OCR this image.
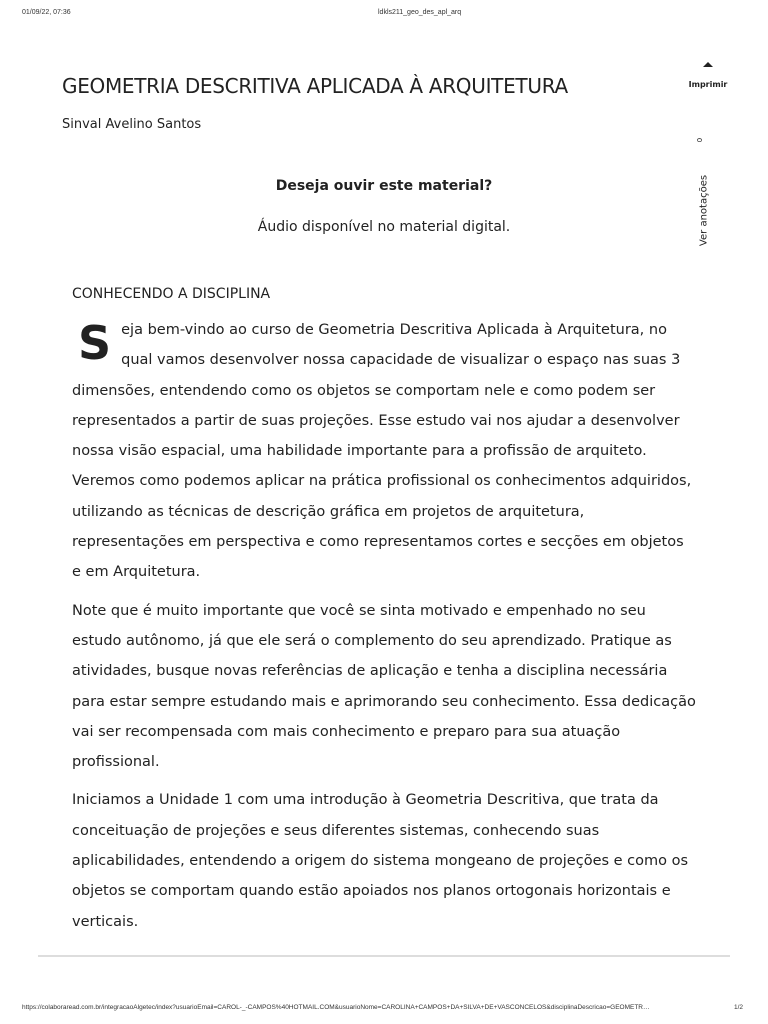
01/09/22, 07:36	ldkls211_geo_des_apl_arq
GEOMETRIA DESCRITIVA APLICADA À ARQUITETURA
Sinval Avelino Santos
Imprimir
0
Ver anotações
Deseja ouvir este material?
Áudio disponível no material digital.
CONHECENDO A DISCIPLINA

Seja bem-vindo ao curso de Geometria Descritiva Aplicada à Arquitetura, no qual vamos desenvolver nossa capacidade de visualizar o espaço nas suas 3 dimensões, entendendo como os objetos se comportam nele e como podem ser representados a partir de suas projeções. Esse estudo vai nos ajudar a desenvolver nossa visão espacial, uma habilidade importante para a profissão de arquiteto. Veremos como podemos aplicar na prática profissional os conhecimentos adquiridos, utilizando as técnicas de descrição gráfica em projetos de arquitetura, representações em perspectiva e como representamos cortes e secções em objetos e em Arquitetura.

Note que é muito importante que você se sinta motivado e empenhado no seu estudo autônomo, já que ele será o complemento do seu aprendizado. Pratique as atividades, busque novas referências de aplicação e tenha a disciplina necessária para estar sempre estudando mais e aprimorando seu conhecimento. Essa dedicação vai ser recompensada com mais conhecimento e preparo para sua atuação profissional.

Iniciamos a Unidade 1 com uma introdução à Geometria Descritiva, que trata da conceituação de projeções e seus diferentes sistemas, conhecendo suas aplicabilidades, entendendo a origem do sistema mongeano de projeções e como os objetos se comportam quando estão apoiados nos planos ortogonais horizontais e verticais.

https://colaboraread.com.br/integracaoAlgetec/index?usuarioEmail=CAROL-_-CAMPOS%40HOTMAIL.COM&usuarioNome=CAROLINA+CAMPOS+DA+SILVA+DE+VASCONCELOS&disciplinaDescricao=GEOMETR…	1/2
